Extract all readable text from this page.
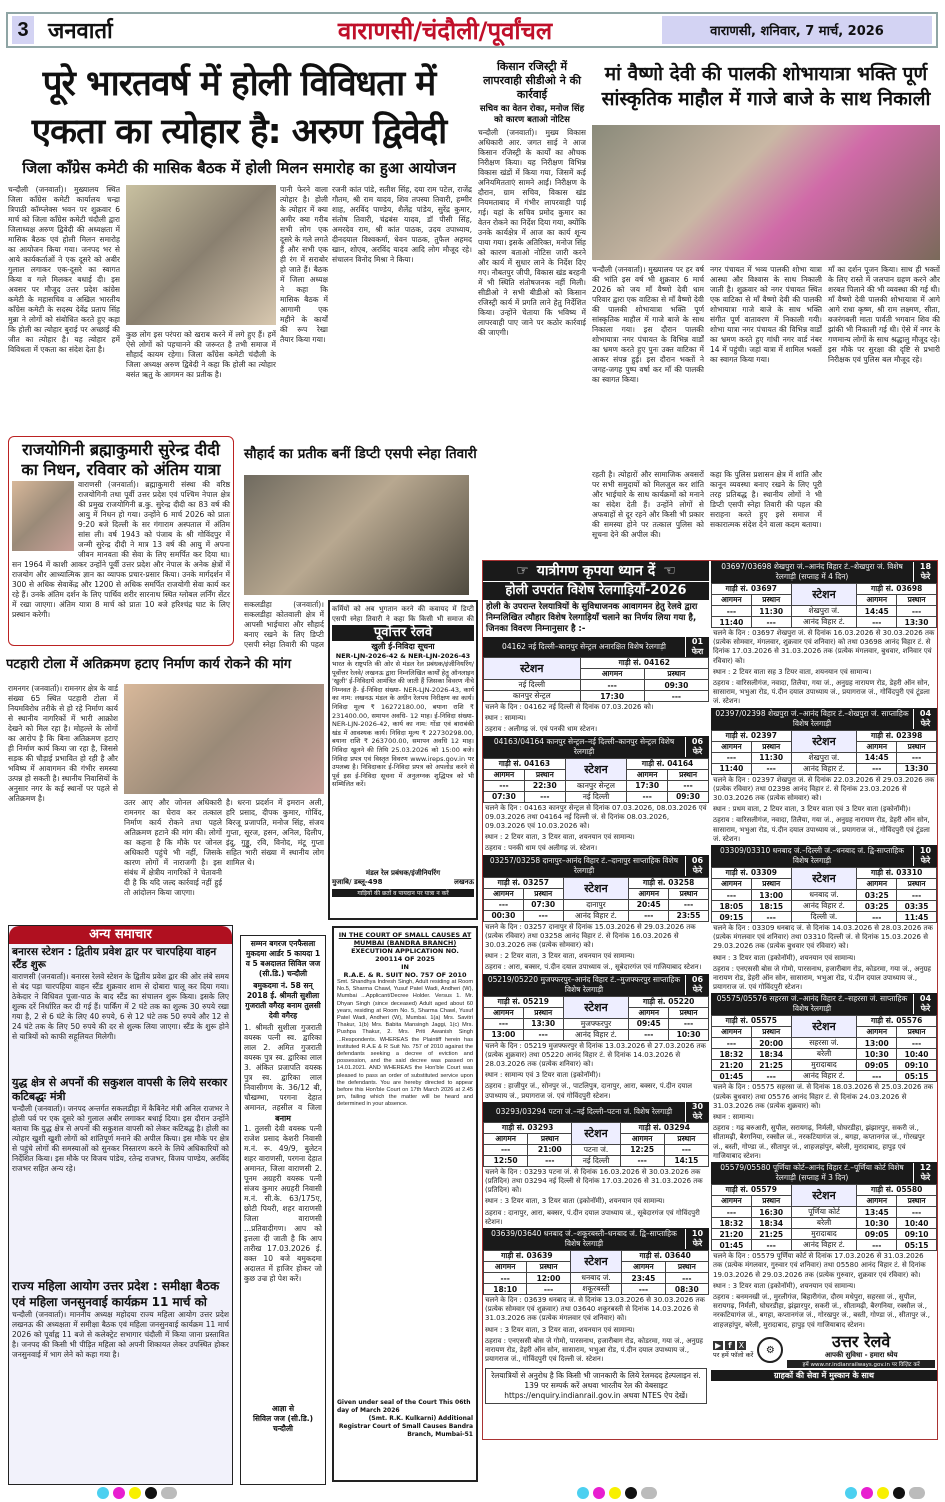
3 जनवार्ता	वाराणसी/चंदौली/पूर्वांचल	वाराणसी, शनिवार, 7 मार्च, 2026
पूरे भारतवर्ष में होली विविधता में एकता का त्योहार है: अरुण द्विवेदी
जिला कॉंग्रेस कमेटी की मासिक बैठक में होली मिलन समारोह का हुआ आयोजन
चन्दौली (जनवार्ता)। मुख्यालय स्थित जिला कॉंग्रेस कमेटी कार्यालय चन्द्रा त्रिपाठी कॉम्प्लेक्स भवन पर शुक्रवार 6 मार्च को जिला कॉंग्रेस कमेटी चंदौली द्वारा जिलाध्यक्ष अरुण द्विवेदी की अध्यक्षता में मासिक बैठक एवं होली मिलन समारोह का आयोजन किया गया। जनपद भर से आये कार्यकर्ताओं ने एक दूसरे को अबीर गुलाल लगाकर एक-दूसरे का स्वागत किया व गले मिलकर बधाई दी। इस अवसर पर मौजूद उत्तर प्रदेश कांग्रेस कमेटी के महासचिव व अखिल भारतीय कॉंग्रेस कमेटी के सदस्य देवेंद्र प्रताप सिंह मुन्ना ने लोगों को संबोधित करते हुए कहा कि होली का त्योहार बुराई पर अच्छाई की जीत का त्योहार है। यह त्योहार हमें विविधता में एकता का संदेश देता है।
कुछ लोग इस परंपरा को खराब करने में लगे हुए हैं। हमें ऐसे लोगों को पहचानने की जरूरत है तभी समाज में सौहार्द कायम रहेगा। जिला कॉंग्रेस कमेटी चंदौली के जिला अध्यक्ष अरुण द्विवेदी ने कहा कि होली का त्योहार बसंत ऋतु के आगमन का प्रतीक है।
पानी फेरने वाला त्योहार है। होली के त्योहार में क्या अमीर क्या गरीब सभी लोग एक दूसरे के गले लगते हैं और सभी एक ही रंग में सराबोर हो जाते हैं। बैठक में जिला अध्यक्ष ने कहा कि मासिक बैठक में आगामी एक महीने के कार्यों की रूप रेखा तैयार किया गया।
रजनी कांत पांडे, सतीश सिंह, दया राम पटेल, राजेंद्र गौतम, श्री राम यादव, शिव तपस्या तिवारी, हम्मीर शाह, अरविंद पाण्डेय, शैलेंद्र पांडेय, सुरेंद्र कुमार, संतोष तिवारी, चंद्रबंस यादव, डॉ पीसी सिंह, अमरदेव राम, श्री कांत पाठक, उदय उपाध्याय, दीनदयाल विश्वकर्मा, धेवन पाठक, तुफैल अहमद खान, शोएब, अरविंद यादव आदि लोग मौजूद रहे। संचालन विनोद मिश्रा ने किया।
किसान रजिस्ट्री में लापरवाही सीडीओ ने की कार्रवाई
सचिव का वेतन रोका, मनोज सिंह को कारण बताओ नोटिस
चन्दौली (जनवार्ता)। मुख्य विकास अधिकारी आर. जगत साई ने आज किसान रजिस्ट्री के कार्यों का औचक निरीक्षण किया। यह निरीक्षण विभिन्न विकास खंडों में किया गया, जिसमें कई अनियमितताएं सामने आईं। निरीक्षण के दौरान, ग्राम सचिव, विकास खंड नियमताबाद में गंभीर लापरवाही पाई गई। यहां के सचिव प्रमोद कुमार का वेतन रोकने का निर्देश दिया गया, क्योंकि उनके कार्यक्षेत्र में आज का कार्य शून्य पाया गया। इसके अतिरिक्त, मनोज सिंह को कारण बताओ नोटिस जारी करने और कार्य में सुधार लाने के निर्देश दिए गए। नौबतपुर जीपी, विकास खंड बरहनी में भी स्थिति संतोषजनक नहीं मिली। सीडीओ ने सभी बीडीओ को किसान रजिस्ट्री कार्य में प्रगति लाने हेतु निर्देशित किया। उन्होंने चेताया कि भविष्य में लापरवाही पाए जाने पर कठोर कार्रवाई की जाएगी।
मां वैष्णो देवी की पालकी शोभायात्रा भक्ति पूर्ण सांस्कृतिक माहौल में गाजे बाजे के साथ निकाली
चन्दौली (जनवार्ता)। मुख्यालय पर हर वर्ष की भांति इस वर्ष भी शुक्रवार 6 मार्च 2026 को जय माँ वैष्णो देवी धाम परिवार द्वारा एक वाटिका से माँ वैष्णो देवी की पालकी शोभायात्रा भक्ति पूर्ण सांस्कृतिक माहौल में गाजे बाजे के साथ निकाला गया। इस दौरान पालकी शोभायात्रा नगर पंचायत के विभिन्न वार्डों का भ्रमण करते हुए पुनः उक्त वाटिका में आकर संपन्न हुई। इस दौरान भक्तों ने जगह-जगह पुष्प वर्षा कर माँ की पालकी का स्वागत किया।
नगर पंचायत में भव्य पालकी शोभा यात्रा आस्था और विश्वास के साथ निकाली जाती है। शुक्रवार को नगर पंचायत स्थित एक वाटिका से माँ वैष्णो देवी की पालकी शोभायात्रा गाजे बाजे के साथ भक्ति संगीत पूर्ण वातावरण में निकाली गयी। शोभा यात्रा नगर पंचायत की विभिन्न वार्डों का भ्रमण करते हुए गांधी नगर वार्ड नंबर 14 में पहुंची। जहां यात्रा में शामिल भक्तों का स्वागत किया गया।
माँ का दर्शन पूजन किया। साथ ही भक्तों के लिए रास्ते में जलपान ग्रहण करने और शरबत पिलाने की भी व्यवस्था की गई थी। माँ वैष्णो देवी पालकी शोभायात्रा में आगे आगे राधा कृष्ण, श्री राम लक्ष्मण, सीता, बजरंगबली माता पार्वती भगवान शिव की झांकी भी निकाली गई थी। ऐसे में नगर के गणमान्य लोगों के साथ श्रद्धालु मौजूद रहे। इस मौके पर सुरक्षा की दृष्टि से प्रभारी निरीक्षक एवं पुलिस बल मौजूद रहे।
राजयोगिनी ब्रह्माकुमारी सुरेन्द्र दीदी का निधन, रविवार को अंतिम यात्रा
वाराणसी (जनवार्ता)। ब्रह्माकुमारी संस्था की वरिष्ठ राजयोगिनी तथा पूर्वी उत्तर प्रदेश एवं पश्चिम नेपाल क्षेत्र की प्रमुख राजयोगिनी ब्र.कु. सुरेन्द्र दीदी का 83 वर्ष की आयु में निधन हो गया। उन्होंने 6 मार्च 2026 को प्रातः 9:20 बजे दिल्ली के सर गंगाराम अस्पताल में अंतिम सांस ली। वर्ष 1943 को पंजाब के श्री गोविंदपुर में जन्मी सुरेन्द्र दीदी ने मात्र 13 वर्ष की आयु में अपना जीवन मानवता की सेवा के लिए समर्पित कर दिया था। सन 1964 में काशी आकर उन्होंने पूर्वी उत्तर प्रदेश और नेपाल के अनेक क्षेत्रों में राजयोग और आध्यात्मिक ज्ञान का व्यापक प्रचार-प्रसार किया। उनके मार्गदर्शन में 300 से अधिक सेवाकेंद्र और 1200 से अधिक समर्पित राजयोगी सेवा कार्य कर रहे हैं। उनके अंतिम दर्शन के लिए पार्थिव शरीर सारनाथ स्थित ग्लोबल लर्निंग सेंटर में रखा जाएगा। अंतिम यात्रा 8 मार्च को प्रातः 10 बजे हरिश्चंद्र घाट के लिए प्रस्थान करेगी।
सौहार्द का प्रतीक बनीं डिप्टी एसपी स्नेहा तिवारी
रहती है। त्योहारों और सामाजिक अवसरों पर सभी समुदायों को मिलजुल कर शांति और भाईचारे के साथ कार्यक्रमों को मनाने का संदेश देती हैं। उन्होंने लोगों से अफवाहों से दूर रहने और किसी भी प्रकार की समस्या होने पर तत्काल पुलिस को सूचना देने की अपील की।
कहा कि पुलिस प्रशासन क्षेत्र में शांति और कानून व्यवस्था बनाए रखने के लिए पूरी तरह प्रतिबद्ध है। स्थानीय लोगों ने भी डिप्टी एसपी स्नेहा तिवारी की पहल की सराहना करते हुए इसे समाज में सकारात्मक संदेश देने वाला कदम बताया।
सकलडीहा (जनवार्ता)। सकलडीहा कोतवाली क्षेत्र में आपसी भाईचारा और सौहार्द बनाए रखने के लिए डिप्टी एसपी स्नेहा तिवारी की पहल
कर्मियों को अब भुगतान करने की कवायद में डिप्टी एसपी स्नेहा तिवारी ने कहा कि किसी भी समाज की
पूर्वोत्तर रेलवे
खुली ई-निविदा सूचना
NER-LJN-2026-42 & NER-LJN-2026-43
भारत के राष्ट्रपति की ओर से मंडल रेल प्रबंधक/इंजीनियरिंग/पूर्वोत्तर रेलवे/ लखनऊ द्वारा निम्नलिखित कार्यों हेतु ऑनलाइन 'खुली' ई-निविदायें आमंत्रित की जाती हैं जिसका विवरण नीचे निम्नवत है- ई-निविदा संख्या- NER-LJN-2026-43, कार्य का नाम: लखनऊ मंडल के अधीन रेलपथ निरीक्षण का कार्य। निविदा मूल्य ₹ 16272180.00, बयाना राशि ₹ 231400.00, समापन अवधि- 12 माह। ई-निविदा संख्या- NER-LJN-2026-42, कार्य का नाम: गोंडा एवं बाराबंकी खंड में आवश्यक कार्य। निविदा मूल्य ₹ 22730298.00, बयाना राशि ₹ 263700.00, समापन अवधि 12 माह। निविदा खुलने की तिथि 25.03.2026 को 15:00 बजे। निविदा प्रपत्र एवं विस्तृत विवरण www.ireps.gov.in पर उपलब्ध है। निविदाकार ई-निविदा प्रपत्र को अपलोड करने से पूर्व इस ई-निविदा सूचना में अनुलग्नक शुद्धिपत्र को भी सम्मिलित करें।
मंडल रेल प्रबंधक/इंजीनियरिंग
मुजाबि/ डब्लू-498	लखनऊ
गाड़ियों की छतों व पायदान पर यात्रा न करें
पटहारी टोला में अतिक्रमण हटाए निर्माण कार्य रोकने की मांग
रामनगर (जनवार्ता)। रामनगर क्षेत्र के वार्ड संख्या 65 स्थित पटहारी टोला में नियमविरोध तरीके से हो रहे निर्माण कार्य से स्थानीय नागरिकों में भारी आक्रोश देखने को मिल रहा है। मोहल्ले के लोगों का आरोप है कि बिना अतिक्रमण हटाए ही निर्माण कार्य किया जा रहा है, जिससे सड़क की चौड़ाई प्रभावित हो रही है और भविष्य में आवागमन की गंभीर समस्या उत्पन्न हो सकती है। स्थानीय निवासियों के अनुसार नगर के कई स्थानों पर पहले से अतिक्रमण है।	उतर आए और जोनल अधिकारी रामनगर का घेराव कर तत्काल निर्माण कार्य रोकने तथा पहले अतिक्रमण हटाने की मांग की। लोगों का कहना है कि मौके पर जोनल अधिकारी पहुंचे भी नहीं, जिसके कारण लोगों में नाराजगी है। इस संबंध में क्षेत्रीय नागरिकों ने चेतावनी दी है कि यदि जल्द कार्रवाई नहीं हुई तो आंदोलन किया जाएगा।
है। धरना प्रदर्शन में इमरान अली, हरि प्रसाद, दीपक कुमार, गोविंद, बिरजू प्रजापति, मनोज सिंह, संजय गुप्ता, सूरज, हसन, अनिल, दिलीप, इंदु, गुड्डू, रवि, विनोद, मंटू गुप्ता सहित भारी संख्या में स्थानीय लोग शामिल थे।
अन्य समाचार
बनारस स्टेशन : द्वितीय प्रवेश द्वार पर चारपहिया वाहन स्टैंड शुरू
वाराणसी (जनवार्ता)। बनारस रेलवे स्टेशन के द्वितीय प्रवेश द्वार की ओर लंबे समय से बंद पड़ा चारपहिया वाहन स्टैंड शुक्रवार शाम से दोबारा चालू कर दिया गया। ठेकेदार ने विधिवत पूजा-पाठ के बाद स्टैंड का संचालन शुरू किया। इसके लिए शुल्क दरें निर्धारित कर दी गई हैं। पार्किंग में 2 घंटे तक का शुल्क 30 रुपये रखा गया है, 2 से 6 घंटे के लिए 40 रुपये, 6 से 12 घंटे तक 50 रुपये और 12 से 24 घंटे तक के लिए 50 रुपये की दर से शुल्क लिया जाएगा। स्टैंड के शुरू होने से यात्रियों को काफी सहूलियत मिलेगी।
युद्ध क्षेत्र से अपनों की सकुशल वापसी के लिये सरकार कटिबद्धः मंत्री
चन्दौली (जनवार्ता)। जनपद अन्तर्गत सकलडीहा में कैबिनेट मंत्री अनिल राजभर ने होली पर्व पर एक दूसरे को गुलाल अबीर लगाकर बधाई दिया। इस दौरान उन्होंने बताया कि युद्ध क्षेत्र से अपनों की सकुशल वापसी को लेकर कटिबद्ध है। होली का त्योहार खुशी खुशी लोगों को शांतिपूर्ण मनाने की अपील किया। इस मौके पर क्षेत्र से पहुंचे लोगों की समस्याओं को सुनकर निस्तारण करने के लिये अधिकारियों को निर्देशित किया। इस मौके पर विजय पांडेय, रतेन्द्र राजभर, विजय पाण्डेय, अरविंद राजभर सहित अन्य रहे।
राज्य महिला आयोग उत्तर प्रदेश : समीक्षा बैठक एवं महिला जनसुनवाई कार्यक्रम 11 मार्च को
चन्दौली (जनवार्ता)। माननीय अध्यक्ष महोदया राज्य महिला आयोग उत्तर प्रदेश लखनऊ की अध्यक्षता में समीक्षा बैठक एवं महिला जनसुनवाई कार्यक्रम 11 मार्च 2026 को पूर्वाह्न 11 बजे से कलेक्ट्रेट सभागार चंदौली में किया जाना प्रस्तावित है। जनपद की किसी भी पीड़ित महिला को अपनी शिकायत लेकर उपस्थित होकर जनसुनवाई में भाग लेने को कहा गया है।
सम्मन बगरज एनफैसला मुकदमा आर्डर 5 कायदा 1 व 5 बअदालत सिविल जज (सी.डि.) चन्दौली
बमुकदमा नं. 58 सन् 2018 ई. श्रीमती सुशीला गुजराती वगैरह बनाम तुलसी देवी वगैरह
1. श्रीमती सुशीला गुजराती वयस्क पत्नी स्व. द्वारिका लाल 2. अमित गुजराती वयस्क पुत्र स्व. द्वारिका लाल 3. अंकित प्रजापति वयस्क पुत्र स्व. द्वारिका लाल निवासीगण के. 36/12 बी, चौखम्भा, परगना देहात अमानत, तहसील व जिला
बनाम
1. तुलसी देवी वयस्क पत्नी राजेश प्रसाद केशरी निवासी म.नं. रू. 49/9, बुलेटन शहर वाराणसी, परगना देहात अमानत, जिला वाराणसी 2. पूनम अग्रहरी वयस्क पत्नी संजय कुमार अग्रहरी निवासी म.नं. सी.के. 63/175ए, छोटी पियरी, शहर वाराणसी जिला वाराणसी ...प्रतिवादीगण। आप को इत्तला दी जाती है कि आप तारीख 17.03.2026 ई. वक्त 10 बजे बमुकदमा अदालत में हाजिर होकर जो कुछ उज्र हो पेश करें।
आज्ञा से
सिविल जज (सी.डि.) चन्दौली
IN THE COURT OF SMALL CAUSES AT MUMBAI (BANDRA BRANCH)
EXECUTION APPLICATION NO. 200114 OF 2025
IN
R.A.E. & R. SUIT NO. 757 OF 2010
Smt. Shandhya Indresh Singh, Adult residing at Room No.5, Sharma Chawl, Yusuf Patel Wadi, Andheri (W), Mumbai ...Applicant/Decree Holder. Versus 1. Mr. Dhyan Singh (since deceased) Adult aged about 60 years, residing at Room No. 5, Sharma Chawl, Yusuf Patel Wadi, Andheri (W), Mumbai. 1(a) Mrs. Savitri Thakur, 1(b) Mrs. Babita Mansingh Jaggi, 1(c) Mrs. Pushpa Thakur, 2. Mrs. Priti Awanish Singh ...Respondents. WHEREAS the Plaintiff herein has instituted R.A.E & R Suit No. 757 of 2010 against the defendants seeking a decree of eviction and possession, and the said decree was passed on 14.01.2021. AND WHEREAS the Hon'ble Court was pleased to pass an order of substituted service upon the defendants. You are hereby directed to appear before this Hon'ble Court on 17th March 2026 at 2.45 pm, failing which the matter will be heard and determined in your absence.
Given under seal of the Court This 06th day of March 2026
(Smt. R.K. Kulkarni) Additional Registrar Court of Small Causes Bandra Branch, Mumbai-51
☞ यात्रीगण कृपया ध्यान दें ☜
होली उपरांत विशेष रेलगाड़ियाँ-2026
होली के उपरान्त रेलयात्रियों के सुविधाजनक आवागमन हेतु रेलवे द्वारा निम्नलिखित त्यौहार विशेष रेलगाड़ियाँ चलाने का निर्णय लिया गया है, जिनका विवरण निम्नानुसार है :-
04162 नई दिल्ली–कानपुर सेन्ट्रल अनारक्षित विशेष रेलगाड़ी
01 फेरा
स्टेशन	गाड़ी सं. 04162	
	आगमन	प्रस्थान
नई दिल्ली	---	09:30
कानपुर सेन्ट्रल	17:30	---
चलने के दिन : 04162 नई दिल्ली से दिनांक 07.03.2026 को।
स्थान : सामान्य।
ठहराव : अलीगढ़ जं. एवं पनकी धाम स्टेशन।
04163/04164 कानपुर सेन्ट्रल–नई दिल्ली–कानपुर सेन्ट्रल विशेष रेलगाड़ी
06 फेरे
गाड़ी सं. 04163		स्टेशन	गाड़ी सं. 04164	
आगमन	प्रस्थान		आगमन	प्रस्थान
---	22:30	कानपुर सेन्ट्रल	17:30	---
07:30	---	नई दिल्ली	---	09:30
चलने के दिन : 04163 कानपुर सेन्ट्रल से दिनांक 07.03.2026, 08.03.2026 एवं 09.03.2026 तथा 04164 नई दिल्ली जं. से दिनांक 08.03.2026, 09.03.2026 एवं 10.03.2026 को।
स्थान : 2 टियर वाता, 3 टियर वाता, शयनयान एवं सामान्य।
ठहराव : पनकी धाम एवं अलीगढ़ जं. स्टेशन।
03257/03258 दानापुर–आनंद विहार टं.–दानापुर साप्ताहिक विशेष रेलगाड़ी
06 फेरे
गाड़ी सं. 03257		स्टेशन	गाड़ी सं. 03258	
आगमन	प्रस्थान		आगमन	प्रस्थान
---	07:30	दानापुर	20:45	---
00:30	---	आनंद विहार टं.	---	23:55
चलने के दिन : 03257 दानापुर से दिनांक 15.03.2026 से 29.03.2026 तक (प्रत्येक रविवार) तथा 03258 आनंद विहार टं. से दिनांक 16.03.2026 से 30.03.2026 तक (प्रत्येक सोमवार) को।
स्थान : 2 टियर वाता, 3 टियर वाता, शयनयान एवं सामान्य।
ठहराव : आरा, बक्सर, पं.दीन दयाल उपाध्याय जं., सूबेदारगंज एवं गाजियाबाद स्टेशन।
05219/05220 मुजफ्फरपुर–आनंद विहार टं.–मुजफ्फरपुर साप्ताहिक विशेष रेलगाड़ी
06 फेरे
गाड़ी सं. 05219		स्टेशन	गाड़ी सं. 05220	
आगमन	प्रस्थान		आगमन	प्रस्थान
---	13:30	मुजफ्फरपुर	09:45	---
13:00	---	आनंद विहार टं.	---	10:30
चलने के दिन : 05219 मुजफ्फरपुर से दिनांक 13.03.2026 से 27.03.2026 तक (प्रत्येक शुक्रवार) तथा 05220 आनंद विहार टं. से दिनांक 14.03.2026 से 28.03.2026 तक (प्रत्येक शनिवार) को।
स्थान : सामान्य एवं 3 टियर वाता (इकोनॉमी)।
ठहराव : हाजीपुर जं., सोनपुर जं., पाटलिपुत्र, दानापुर, आरा, बक्सर, पं.दीन दयाल उपाध्याय जं., प्रयागराज जं. एवं गोविंदपुरी स्टेशन।
03293/03294 पटना जं.–नई दिल्ली–पटना जं. विशेष रेलगाड़ी
30 फेरे
गाड़ी सं. 03293		स्टेशन	गाड़ी सं. 03294	
आगमन	प्रस्थान		आगमन	प्रस्थान
---	21:00	पटना जं.	12:25	---
12:50	---	नई दिल्ली	---	14:15
चलने के दिन : 03293 पटना जं. से दिनांक 16.03.2026 से 30.03.2026 तक (प्रतिदिन) तथा 03294 नई दिल्ली से दिनांक 17.03.2026 से 31.03.2026 तक (प्रतिदिन) को।
स्थान : 3 टियर वाता, 3 टियर वाता (इकोनॉमी), शयनयान एवं सामान्य।
ठहराव : दानापुर, आरा, बक्सर, पं.दीन दयाल उपाध्याय जं., सूबेदारगंज एवं गोविंदपुरी स्टेशन।
03639/03640 धनबाद जं.–शकूरबस्ती–धनबाद जं. द्वि–साप्ताहिक विशेष रेलगाड़ी
10 फेरे
गाड़ी सं. 03639		स्टेशन	गाड़ी सं. 03640	
आगमन	प्रस्थान		आगमन	प्रस्थान
---	12:00	धनबाद जं.	23:45	---
18:10	---	शकूरबस्ती	---	08:30
चलने के दिन : 03639 धनबाद जं. से दिनांक 13.03.2026 से 30.03.2026 तक (प्रत्येक सोमवार एवं शुक्रवार) तथा 03640 शकूरबस्ती से दिनांक 14.03.2026 से 31.03.2026 तक (प्रत्येक मंगलवार एवं शनिवार) को।
स्थान : 3 टियर वाता, 3 टियर वाता, शयनयान एवं सामान्य।
ठहराव : एनएससी बोस जे गोमो, पारसनाथ, हजारीबाग रोड, कोडरमा, गया जं., अनुग्रह नारायण रोड, डेहरी ऑन सोन, सासाराम, भभुआ रोड, पं.दीन दयाल उपाध्याय जं., प्रयागराज जं., गोविंदपुरी एवं दिल्ली जं. स्टेशन।
रेलयात्रियों से अनुरोध है कि किसी भी जानकारी के लिये रेलमदद हेल्पलाइन सं. 139 पर सम्पर्क करें अथवा भारतीय रेल की वेबसाइट https://enquiry.indianrail.gov.in अथवा NTES ऐप देखें।
03697/03698 शेखपुरा जं.–आनंद विहार टं.–शेखपुरा जं. विशेष रेलगाड़ी (सप्ताह में 4 दिन)
18 फेरे
गाड़ी सं. 03697		स्टेशन	गाड़ी सं. 03698	
आगमन	प्रस्थान		आगमन	प्रस्थान
---	11:30	शेखपुरा जं.	14:45	---
11:40	---	आनंद विहार टं.	---	13:30
चलने के दिन : 03697 शेखपुरा जं. से दिनांक 16.03.2026 से 30.03.2026 तक (प्रत्येक सोमवार, मंगलवार, शुक्रवार एवं शनिवार) को तथा 03698 आनंद विहार टं. से दिनांक 17.03.2026 से 31.03.2026 तक (प्रत्येक मंगलवार, बुधवार, शनिवार एवं रविवार) को।
स्थान : 2 टियर वाता सह 3 टियर वाता, शयनयान एवं सामान्य।
ठहराव : वारिसलीगंज, नवादा, तिलैया, गया जं., अनुग्रह नारायण रोड, डेहरी ऑन सोन, सासाराम, भभुआ रोड, पं.दीन दयाल उपाध्याय जं., प्रयागराज जं., गोविंदपुरी एवं टूंडला जं. स्टेशन।
02397/02398 शेखपुरा जं.–आनंद विहार टं.–शेखपुरा जं. साप्ताहिक विशेष रेलगाड़ी
04 फेरे
गाड़ी सं. 02397		स्टेशन	गाड़ी सं. 02398	
आगमन	प्रस्थान		आगमन	प्रस्थान
---	11:30	शेखपुरा जं.	14:45	---
11:40	---	आनंद विहार टं.	---	13:30
चलने के दिन : 02397 शेखपुरा जं. से दिनांक 22.03.2026 से 29.03.2026 तक (प्रत्येक रविवार) तथा 02398 आनंद विहार टं. से दिनांक 23.03.2026 से 30.03.2026 तक (प्रत्येक सोमवार) को।
स्थान : प्रथम वाता, 2 टियर वाता, 3 टियर वाता एवं 3 टियर वाता (इकोनॉमी)।
ठहराव : वारिसलीगंज, नवादा, तिलैया, गया जं., अनुग्रह नारायण रोड, डेहरी ऑन सोन, सासाराम, भभुआ रोड, पं.दीन दयाल उपाध्याय जं., प्रयागराज जं., गोविंदपुरी एवं टूंडला जं. स्टेशन।
03309/03310 धनबाद जं.–दिल्ली जं.–धनबाद जं. द्वि-साप्ताहिक विशेष रेलगाड़ी
10 फेरे
गाड़ी सं. 03309		स्टेशन	गाड़ी सं. 03310	
आगमन	प्रस्थान		आगमन	प्रस्थान
---	13:00	धनबाद जं.	03:25	---
18:05	18:15	आनंद विहार टं.	03:25	03:35
09:15	---	दिल्ली जं.	---	11:45
चलने के दिन : 03309 धनबाद जं. से दिनांक 14.03.2026 से 28.03.2026 तक (प्रत्येक मंगलवार एवं शनिवार) तथा 03310 दिल्ली जं. से दिनांक 15.03.2026 से 29.03.2026 तक (प्रत्येक बुधवार एवं रविवार) को।
स्थान : 3 टियर वाता (इकोनॉमी), शयनयान एवं सामान्य।
ठहराव : एनएससी बोस जे गोमो, पारसनाथ, हजारीबाग रोड, कोडरमा, गया जं., अनुग्रह नारायण रोड, डेहरी ऑन सोन, सासाराम, भभुआ रोड, पं.दीन दयाल उपाध्याय जं., प्रयागराज जं. एवं गोविंदपुरी स्टेशन।
05575/05576 सहरसा जं.–आनंद विहार टं.–सहरसा जं. साप्ताहिक विशेष रेलगाड़ी
04 फेरे
गाड़ी सं. 05575		स्टेशन	गाड़ी सं. 05576	
आगमन	प्रस्थान		आगमन	प्रस्थान
---	20:00	सहरसा जं.	13:00	---
18:32	18:34	बरेली	10:30	10:40
21:20	21:25	मुरादाबाद	09:05	09:10
01:45	---	आनंद विहार टं.	---	05:15
चलने के दिन : 05575 सहरसा जं. से दिनांक 18.03.2026 से 25.03.2026 तक (प्रत्येक बुधवार) तथा 05576 आनंद विहार टं. से दिनांक 24.03.2026 से 31.03.2026 तक (प्रत्येक शुक्रवार) को।
स्थान : सामान्य।
ठहराव : गढ़ बरुआरी, सुपौल, सरायगढ़, निर्मली, घोघरडीहा, झंझारपुर, सकरी जं., सीतामढ़ी, बैरगनिया, रक्सौल जं., नरकटियागंज जं., बगहा, कप्तानगंज जं., गोरखपुर जं., बस्ती, गोण्डा जं., सीतापुर जं., शाहजहांपुर, बरेली, मुरादाबाद, हापुड़ एवं गाजियाबाद स्टेशन।
05579/05580 पूर्णिया कोर्ट–आनंद विहार टं.–पूर्णिया कोर्ट विशेष रेलगाड़ी (सप्ताह में 3 दिन)
12 फेरे
गाड़ी सं. 05579		स्टेशन	गाड़ी सं. 05580	
आगमन	प्रस्थान		आगमन	प्रस्थान
---	16:30	पूर्णिया कोर्ट	13:45	---
18:32	18:34	बरेली	10:30	10:40
21:20	21:25	मुरादाबाद	09:05	09:10
01:45	---	आनंद विहार टं.	---	05:15
चलने के दिन : 05579 पूर्णिया कोर्ट से दिनांक 17.03.2026 से 31.03.2026 तक (प्रत्येक मंगलवार, गुरुवार एवं शनिवार) तथा 05580 आनंद विहार टं. से दिनांक 19.03.2026 से 29.03.2026 तक (प्रत्येक गुरुवार, शुक्रवार एवं रविवार) को।
स्थान : 3 टियर वाता (इकोनॉमी), शयनयान एवं सामान्य।
ठहराव : बनमनखी जं., मुरलीगंज, बिहारीगंज, दौरम मधेपुरा, सहरसा जं., सुपौल, सरायगढ़, निर्मली, घोघरडीहा, झंझारपुर, सकरी जं., सीतामढ़ी, बैरगनिया, रक्सौल जं., नरकटियागंज जं., बगहा, कप्तानगंज जं., गोरखपुर जं., बस्ती, गोण्डा जं., सीतापुर जं., शाहजहांपुर, बरेली, मुरादाबाद, हापुड़ एवं गाजियाबाद स्टेशन।
▶ f X
पर हमें फॉलो करें	⚙	उत्तर रेलवे
आपकी सुविधा - हमारा ध्येय
हमें www.nr.indianrailways.gov.in पर विज़िट करें
ग्राहकों की सेवा में मुस्कान के साथ
